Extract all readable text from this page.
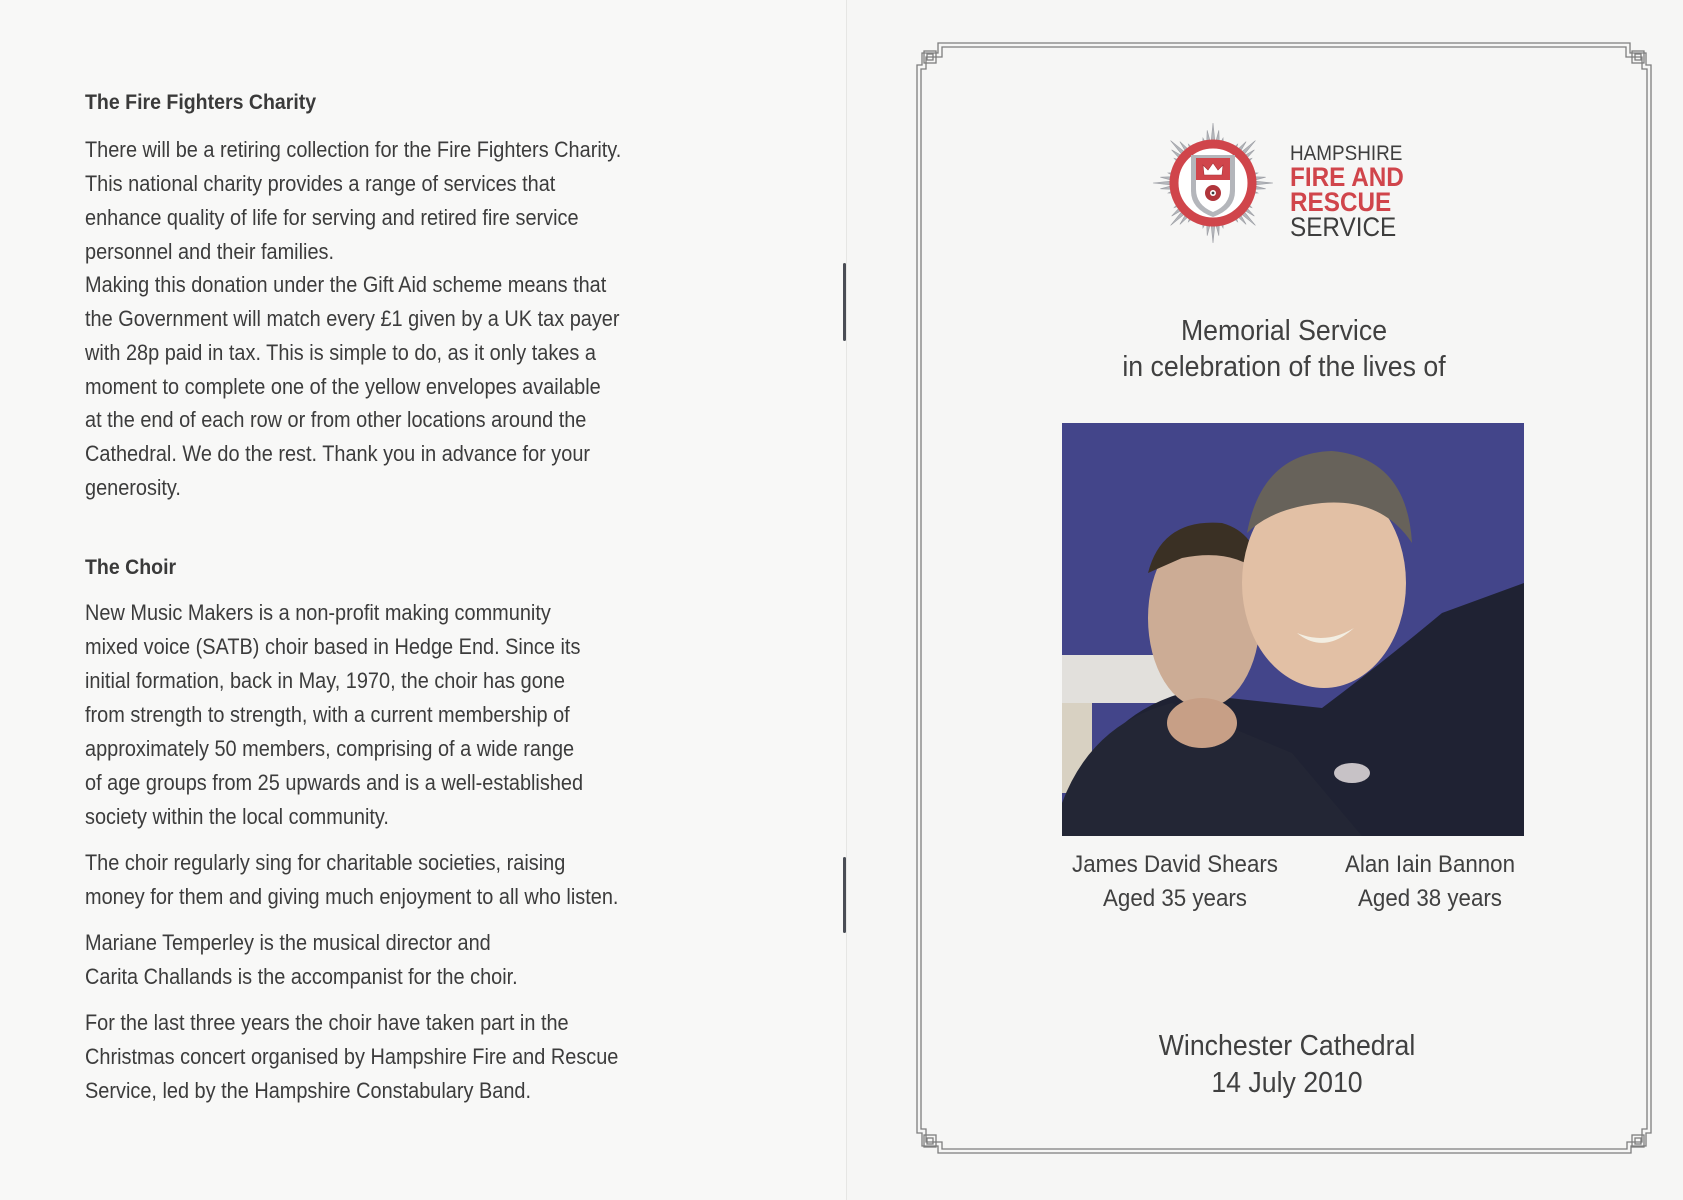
The Fire Fighters Charity
There will be a retiring collection for the Fire Fighters Charity.
This national charity provides a range of services that
enhance quality of life for serving and retired fire service
personnel and their families.
Making this donation under the Gift Aid scheme means that
the Government will match every £1 given by a UK tax payer
with 28p paid in tax. This is simple to do, as it only takes a
moment to complete one of the yellow envelopes available
at the end of each row or from other locations around the
Cathedral. We do the rest. Thank you in advance for your
generosity.
The Choir
New Music Makers is a non-profit making community
mixed voice (SATB) choir based in Hedge End. Since its
initial formation, back in May, 1970, the choir has gone
from strength to strength, with a current membership of
approximately 50 members, comprising of a wide range
of age groups from 25 upwards and is a well-established
society within the local community.
The choir regularly sing for charitable societies, raising
money for them and giving much enjoyment to all who listen.
Mariane Temperley is the musical director and
Carita Challands is the accompanist for the choir.
For the last three years the choir have taken part in the
Christmas concert organised by Hampshire Fire and Rescue
Service, led by the Hampshire Constabulary Band.
HAMPSHIRE
FIRE AND
RESCUE
SERVICE
Memorial Service
in celebration of the lives of
James David Shears
Aged 35 years
Alan Iain Bannon
Aged 38 years
Winchester Cathedral
14 July 2010
